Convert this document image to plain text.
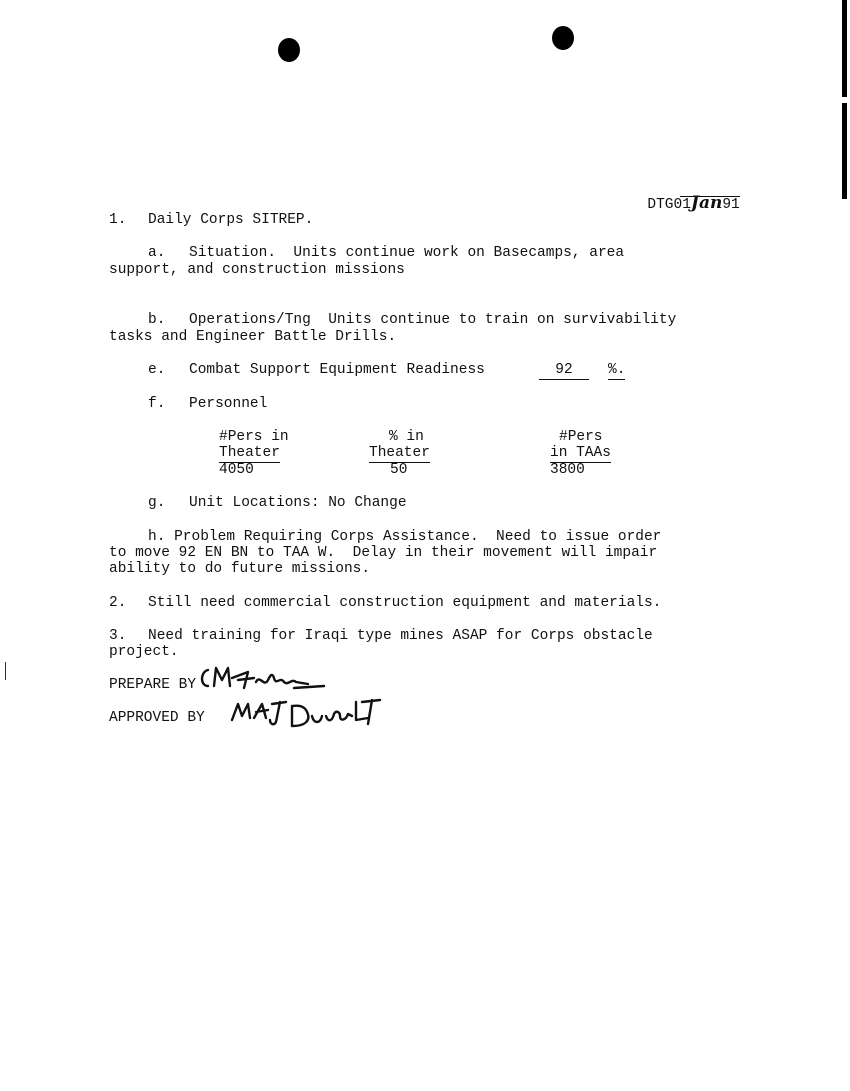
DTG01Jan91

1. Daily Corps SITREP.
a. Situation.  Units continue work on Basecamps, area
support, and construction missions
b. Operations/Tng  Units continue to train on survivability
tasks and Engineer Battle Drills.
e. Combat Support Equipment Readiness	92	%.
f. Personnel
#Pers in
Theater
4050
% in
Theater
50
#Pers
in TAAs
3800
g. Unit Locations: No Change
h. Problem Requiring Corps Assistance.  Need to issue order
to move 92 EN BN to TAA W.  Delay in their movement will impair
ability to do future missions.
2. Still need commercial construction equipment and materials.
3. Need training for Iraqi type mines ASAP for Corps obstacle
project.
PREPARE BY
APPROVED BY
